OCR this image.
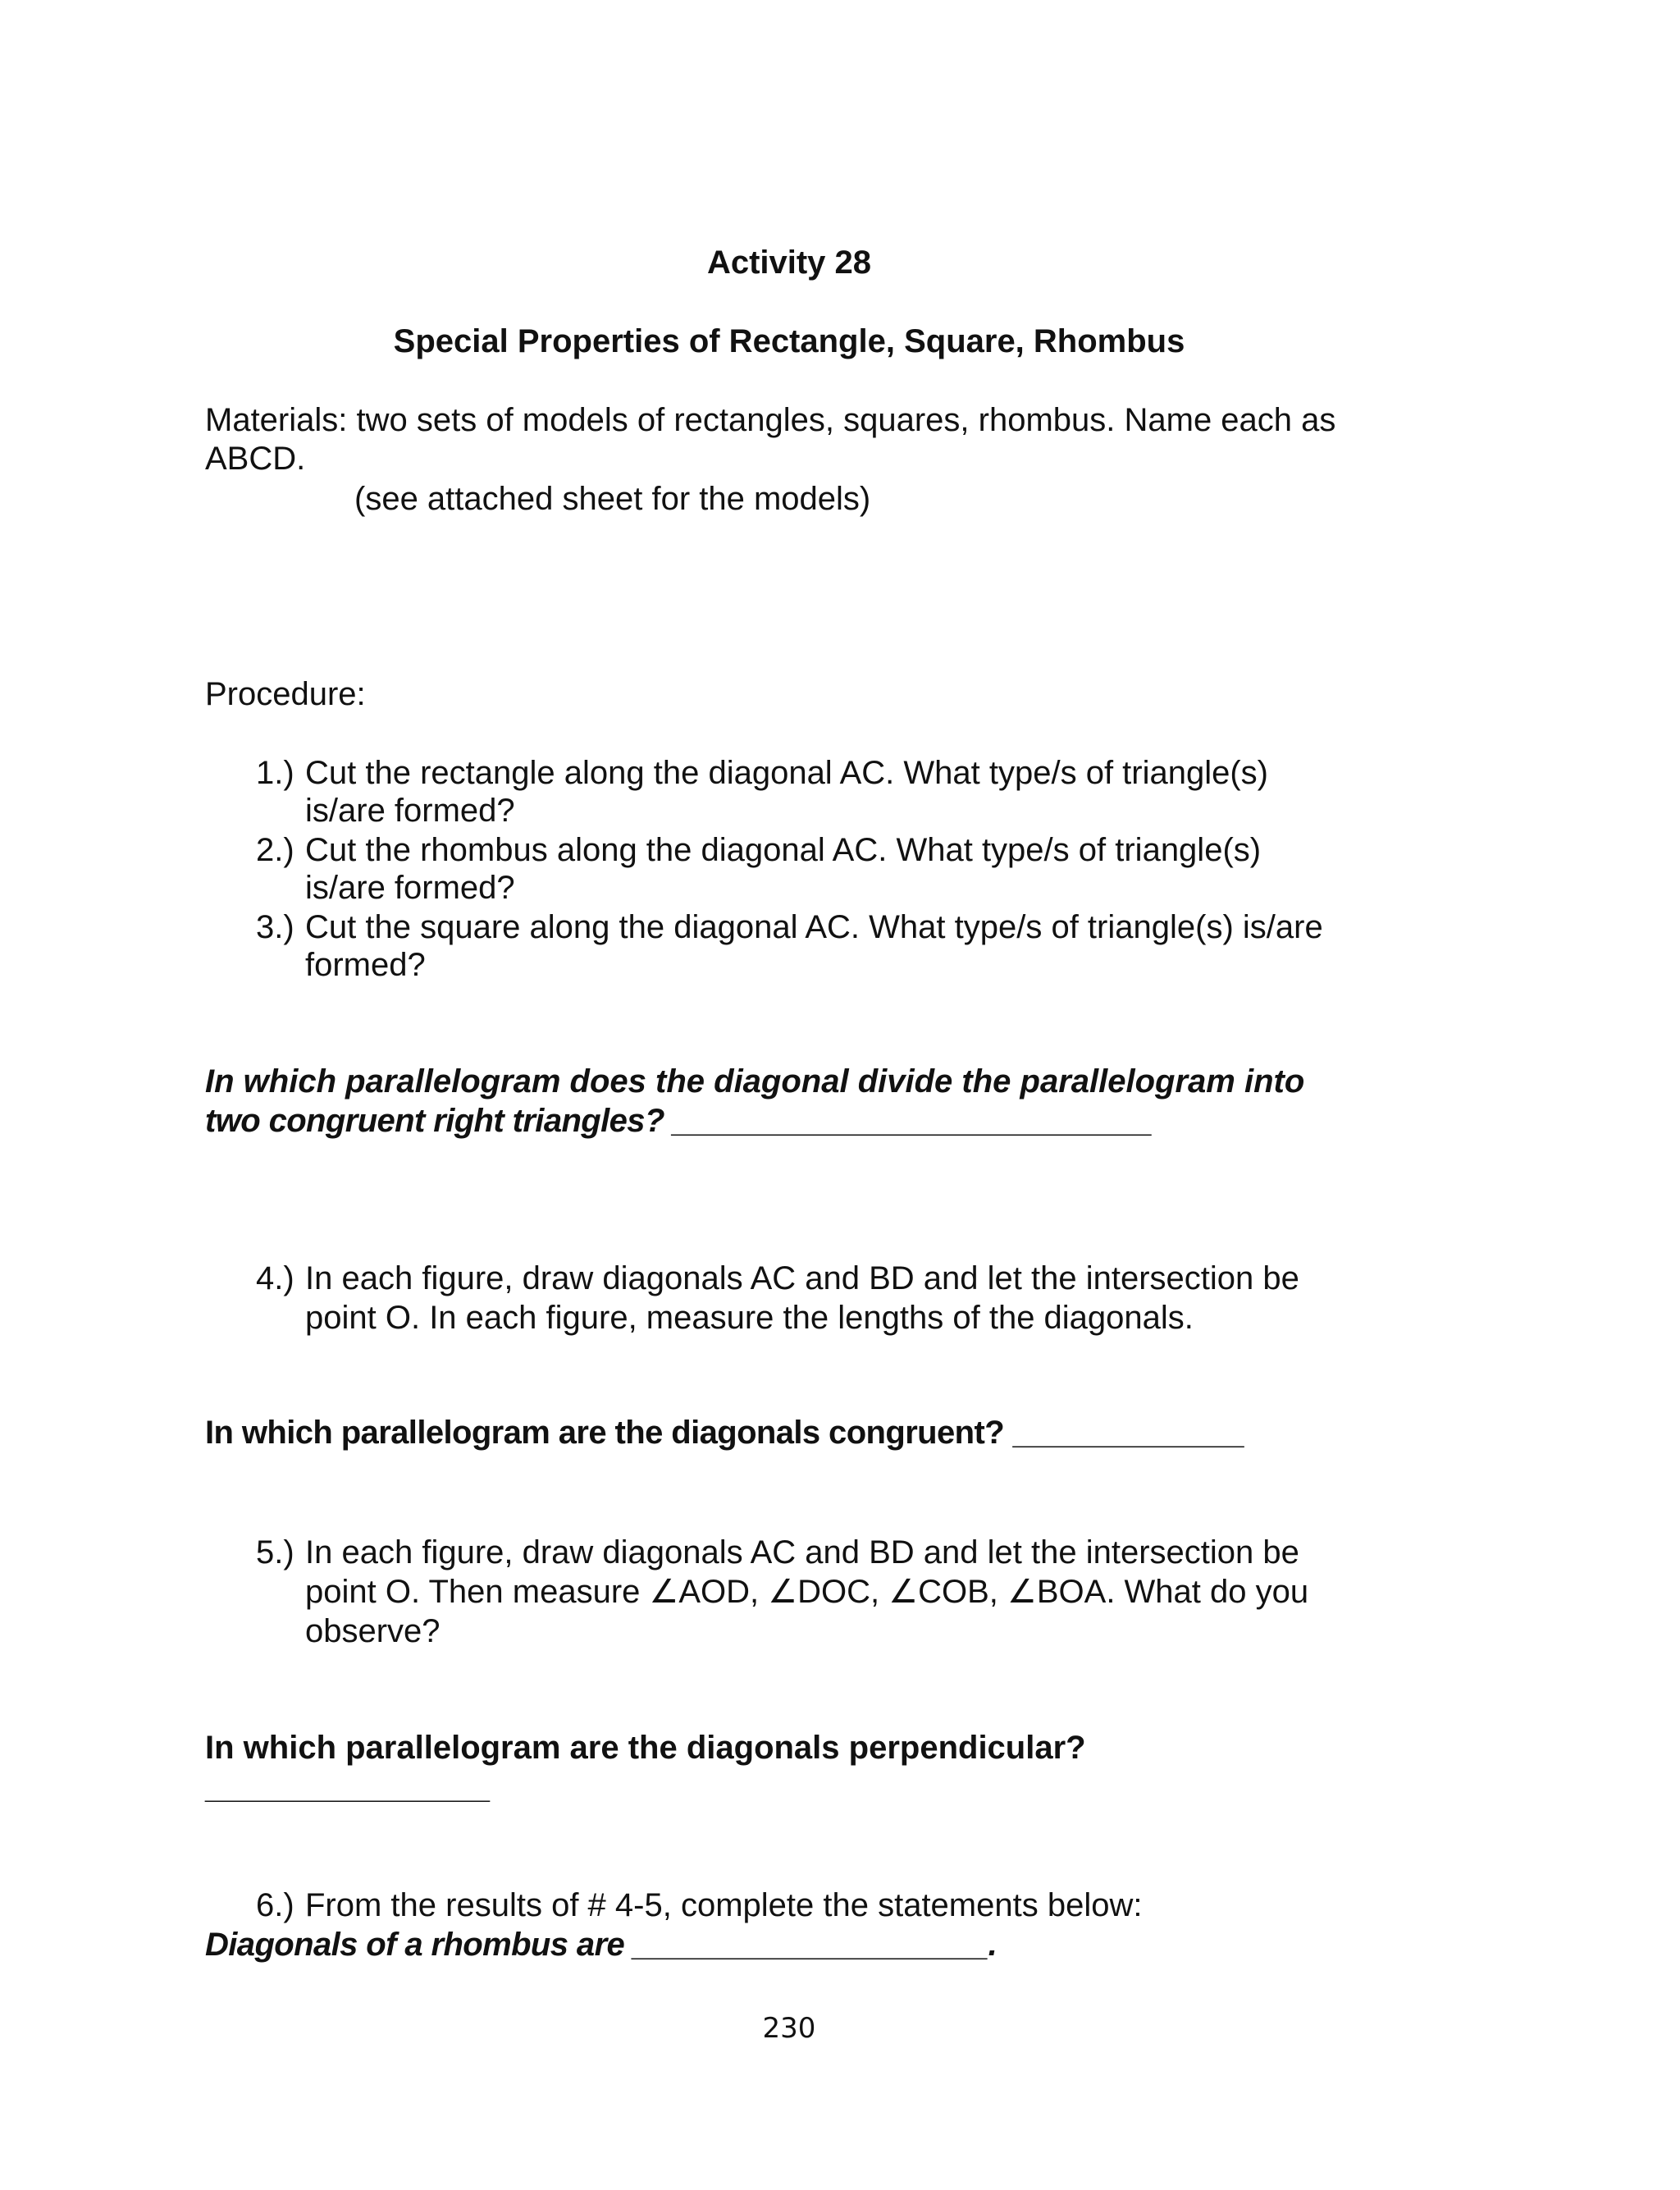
Activity 28
Special Properties of Rectangle, Square, Rhombus
Materials: two sets of models of rectangles, squares, rhombus. Name each as
ABCD.
(see attached sheet for the models)
Procedure:
1.) Cut the rectangle along the diagonal AC. What type/s of triangle(s)
is/are formed?
2.) Cut the rhombus along the diagonal AC. What type/s of triangle(s)
is/are formed?
3.) Cut the square along the diagonal AC. What type/s of triangle(s) is/are
formed?
In which parallelogram does the diagonal divide the parallelogram into
two congruent right triangles? ___________________________
4.) In each figure, draw diagonals AC and BD and let the intersection be
point O. In each figure, measure the lengths of the diagonals.
In which parallelogram are the diagonals congruent? _____________
5.) In each figure, draw diagonals AC and BD and let the intersection be
point O. Then measure ∠AOD, ∠DOC, ∠COB, ∠BOA. What do you
observe?
In which parallelogram are the diagonals perpendicular?
________________
6.) From the results of # 4-5, complete the statements below:
Diagonals of a rhombus are ____________________.
230
